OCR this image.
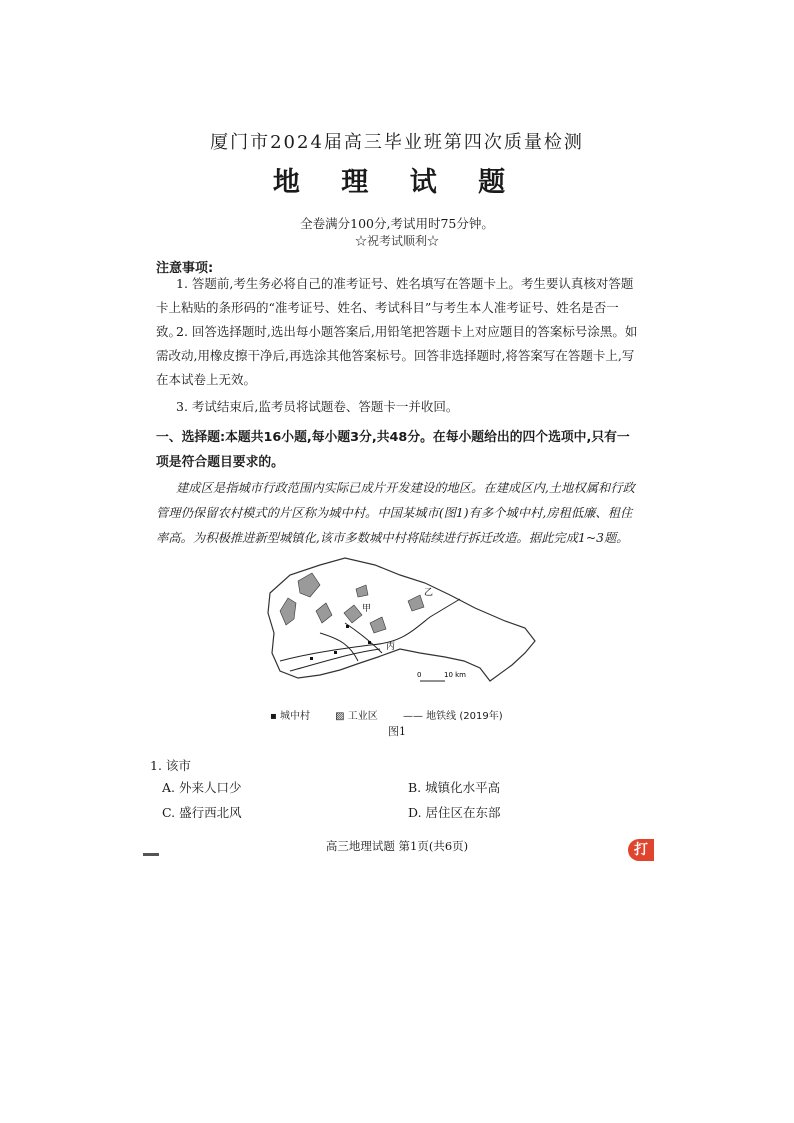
厦门市2024届高三毕业班第四次质量检测
地 理 试 题
全卷满分100分,考试用时75分钟。
☆祝考试顺利☆
注意事项:
1. 答题前,考生务必将自己的准考证号、姓名填写在答题卡上。考生要认真核对答题卡上粘贴的条形码的“准考证号、姓名、考试科目”与考生本人准考证号、姓名是否一致。
2. 回答选择题时,选出每小题答案后,用铅笔把答题卡上对应题目的答案标号涂黑。如需改动,用橡皮擦干净后,再选涂其他答案标号。回答非选择题时,将答案写在答题卡上,写在本试卷上无效。
3. 考试结束后,监考员将试题卷、答题卡一并收回。
一、选择题:本题共16小题,每小题3分,共48分。在每小题给出的四个选项中,只有一项是符合题目要求的。
建成区是指城市行政范围内实际已成片开发建设的地区。在建成区内,土地权属和行政管理仍保留农村模式的片区称为城中村。中国某城市(图1)有多个城中村,房租低廉、租住率高。为积极推进新型城镇化,该市多数城中村将陆续进行拆迁改造。据此完成1~3题。
甲
乙
丙
0	10 km
▪ 城中村	▨ 工业区	—— 地铁线 (2019年)
图1
1. 该市
A. 外来人口少	B. 城镇化水平高
C. 盛行西北风	D. 居住区在东部
高三地理试题 第1页(共6页)	打
